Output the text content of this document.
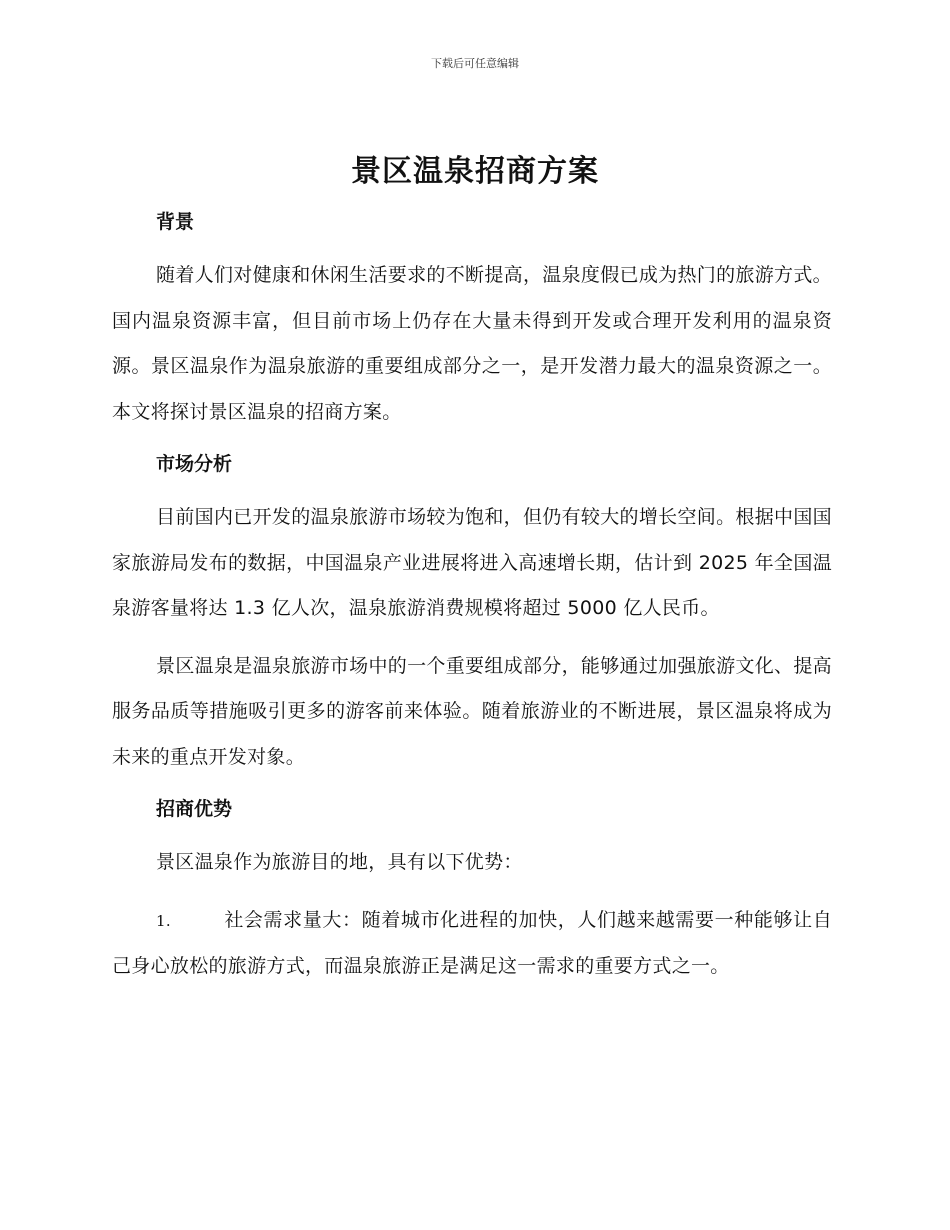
下载后可任意编辑
景区温泉招商方案
背景

随着人们对健康和休闲生活要求的不断提高，温泉度假已成为热门的旅游方式。国内温泉资源丰富，但目前市场上仍存在大量未得到开发或合理开发利用的温泉资源。景区温泉作为温泉旅游的重要组成部分之一，是开发潜力最大的温泉资源之一。本文将探讨景区温泉的招商方案。

市场分析

目前国内已开发的温泉旅游市场较为饱和，但仍有较大的增长空间。根据中国国家旅游局发布的数据，中国温泉产业进展将进入高速增长期，估计到 2025 年全国温泉游客量将达 1.3 亿人次，温泉旅游消费规模将超过 5000 亿人民币。

景区温泉是温泉旅游市场中的一个重要组成部分，能够通过加强旅游文化、提高服务品质等措施吸引更多的游客前来体验。随着旅游业的不断进展，景区温泉将成为未来的重点开发对象。

招商优势

景区温泉作为旅游目的地，具有以下优势：

1.	社会需求量大：随着城市化进程的加快，人们越来越需要一种能够让自己身心放松的旅游方式，而温泉旅游正是满足这一需求的重要方式之一。
